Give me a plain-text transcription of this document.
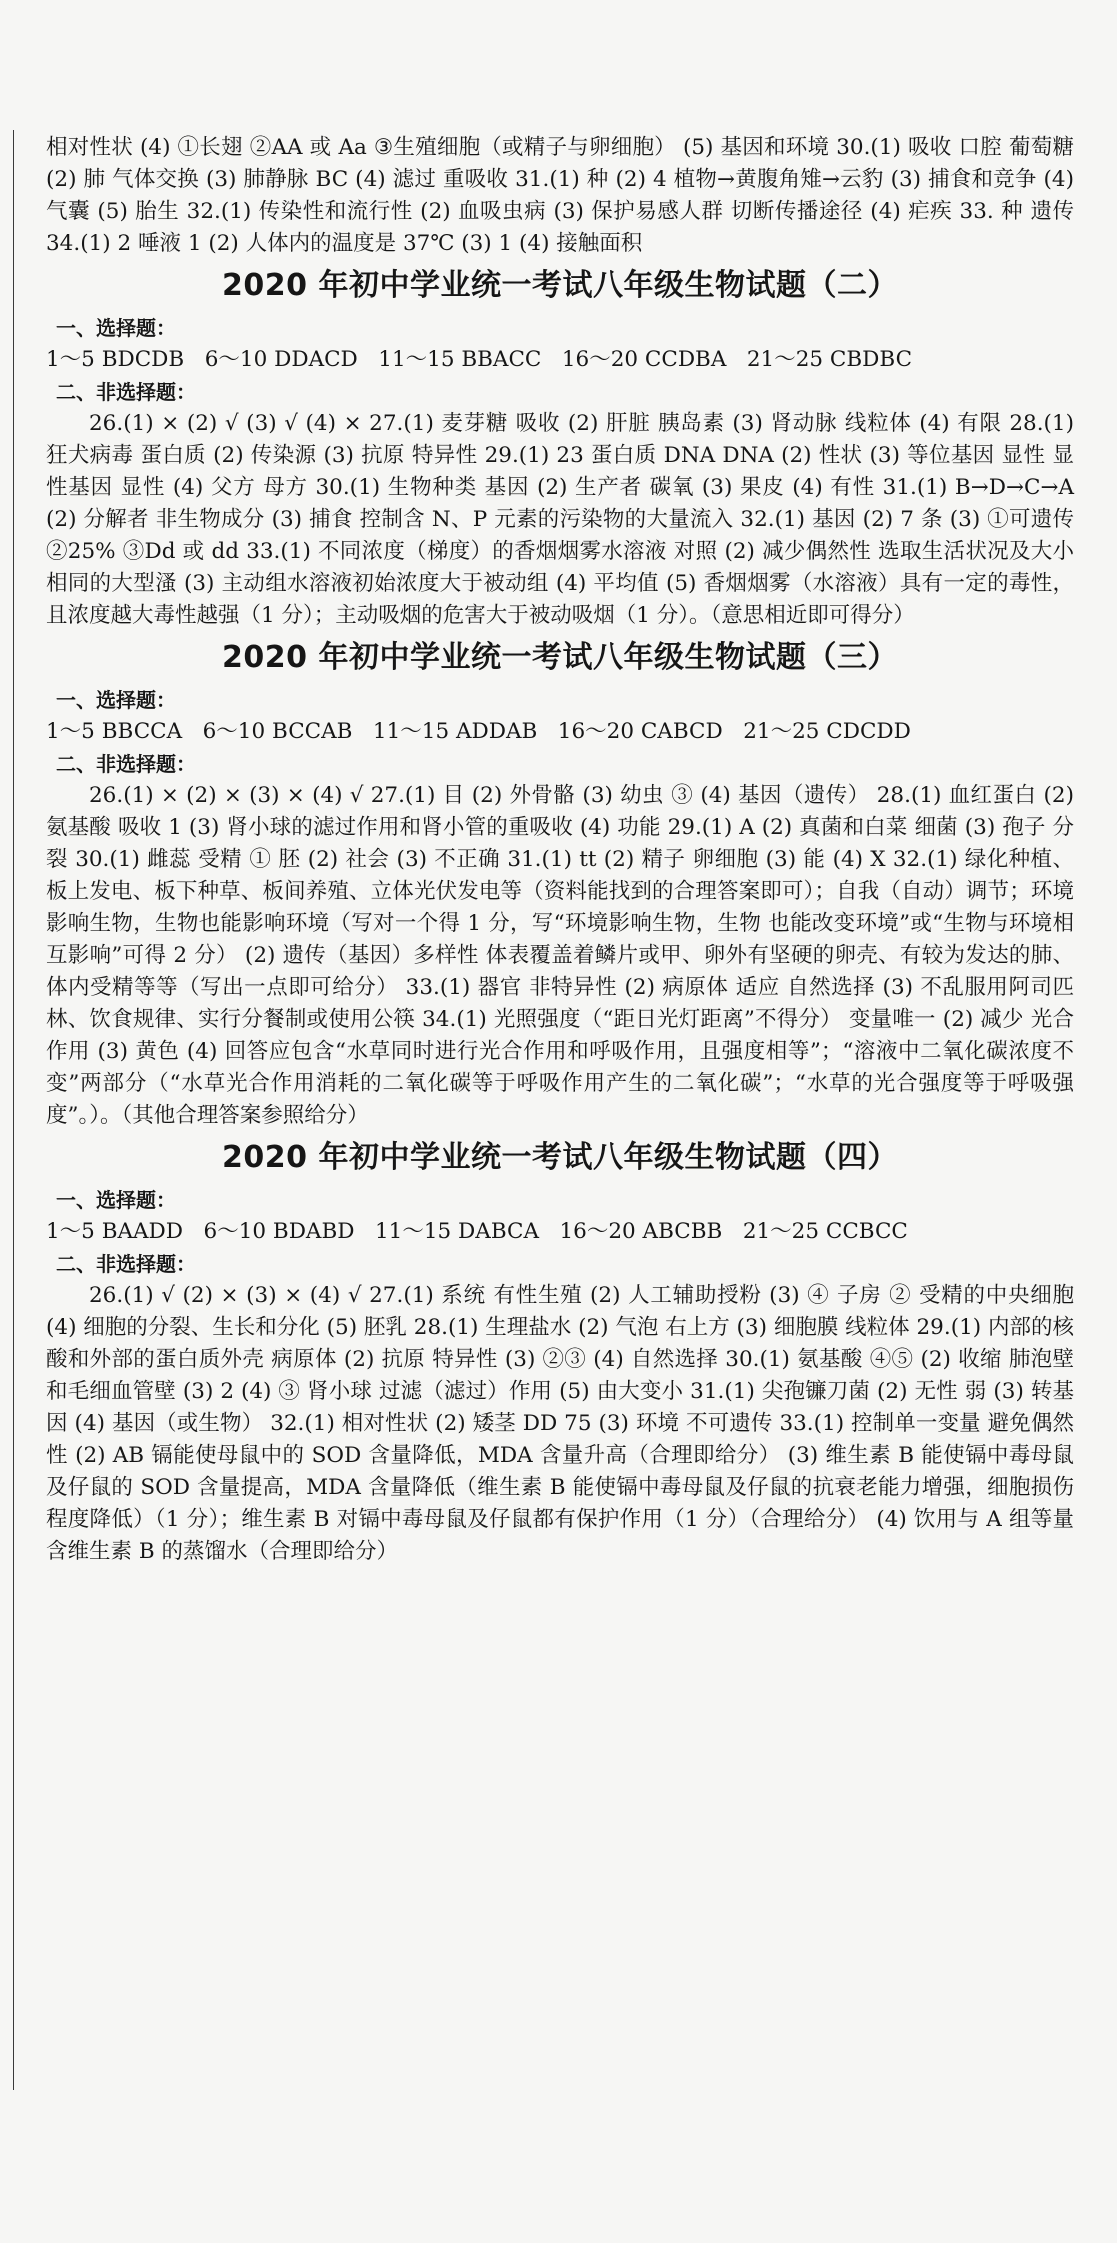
相对性状 (4) ①长翅 ②AA 或 Aa ③生殖细胞（或精子与卵细胞） (5) 基因和环境 30.(1) 吸收 口腔 葡萄糖 (2) 肺 气体交换 (3) 肺静脉 BC (4) 滤过 重吸收 31.(1) 种 (2) 4 植物→黄腹角雉→云豹 (3) 捕食和竞争 (4) 气囊 (5) 胎生 32.(1) 传染性和流行性 (2) 血吸虫病 (3) 保护易感人群 切断传播途径 (4) 疟疾 33. 种 遗传 34.(1) 2 唾液 1 (2) 人体内的温度是 37℃ (3) 1 (4) 接触面积

2020 年初中学业统一考试八年级生物试题（二）
一、选择题：
1～5 BDCDB   6～10 DDACD   11～15 BBACC   16～20 CCDBA   21～25 CBDBC
二、非选择题：

26.(1) × (2) √ (3) √ (4) × 27.(1) 麦芽糖 吸收 (2) 肝脏 胰岛素 (3) 肾动脉 线粒体 (4) 有限 28.(1) 狂犬病毒 蛋白质 (2) 传染源 (3) 抗原 特异性 29.(1) 23 蛋白质 DNA DNA (2) 性状 (3) 等位基因 显性 显性基因 显性 (4) 父方 母方 30.(1) 生物种类 基因 (2) 生产者 碳氧 (3) 果皮 (4) 有性 31.(1) B→D→C→A (2) 分解者 非生物成分 (3) 捕食 控制含 N、P 元素的污染物的大量流入 32.(1) 基因 (2) 7 条 (3) ①可遗传 ②25% ③Dd 或 dd 33.(1) 不同浓度（梯度）的香烟烟雾水溶液 对照 (2) 减少偶然性 选取生活状况及大小相同的大型溞 (3) 主动组水溶液初始浓度大于被动组 (4) 平均值 (5) 香烟烟雾（水溶液）具有一定的毒性，且浓度越大毒性越强（1 分）；主动吸烟的危害大于被动吸烟（1 分）。（意思相近即可得分）

2020 年初中学业统一考试八年级生物试题（三）
一、选择题：
1～5 BBCCA   6～10 BCCAB   11～15 ADDAB   16～20 CABCD   21～25 CDCDD
二、非选择题：

26.(1) × (2) × (3) × (4) √ 27.(1) 目 (2) 外骨骼 (3) 幼虫 ③ (4) 基因（遗传） 28.(1) 血红蛋白 (2) 氨基酸 吸收 1 (3) 肾小球的滤过作用和肾小管的重吸收 (4) 功能 29.(1) A (2) 真菌和白菜 细菌 (3) 孢子 分裂 30.(1) 雌蕊 受精 ① 胚 (2) 社会 (3) 不正确 31.(1) tt (2) 精子 卵细胞 (3) 能 (4) X 32.(1) 绿化种植、板上发电、板下种草、板间养殖、立体光伏发电等（资料能找到的合理答案即可）；自我（自动）调节；环境影响生物，生物也能影响环境（写对一个得 1 分，写“环境影响生物，生物 也能改变环境”或“生物与环境相互影响”可得 2 分） (2) 遗传（基因）多样性 体表覆盖着鳞片或甲、卵外有坚硬的卵壳、有较为发达的肺、体内受精等等（写出一点即可给分） 33.(1) 器官 非特异性 (2) 病原体 适应 自然选择 (3) 不乱服用阿司匹林、饮食规律、实行分餐制或使用公筷 34.(1) 光照强度（“距日光灯距离”不得分） 变量唯一 (2) 减少 光合作用 (3) 黄色 (4) 回答应包含“水草同时进行光合作用和呼吸作用，且强度相等”；“溶液中二氧化碳浓度不变”两部分（“水草光合作用消耗的二氧化碳等于呼吸作用产生的二氧化碳”；“水草的光合强度等于呼吸强度”。）。（其他合理答案参照给分）

2020 年初中学业统一考试八年级生物试题（四）
一、选择题：
1～5 BAADD   6～10 BDABD   11～15 DABCA   16～20 ABCBB   21～25 CCBCC
二、非选择题：

26.(1) √ (2) × (3) × (4) √ 27.(1) 系统 有性生殖 (2) 人工辅助授粉 (3) ④ 子房 ② 受精的中央细胞 (4) 细胞的分裂、生长和分化 (5) 胚乳 28.(1) 生理盐水 (2) 气泡 右上方 (3) 细胞膜 线粒体 29.(1) 内部的核酸和外部的蛋白质外壳 病原体 (2) 抗原 特异性 (3) ②③ (4) 自然选择 30.(1) 氨基酸 ④⑤ (2) 收缩 肺泡壁和毛细血管壁 (3) 2 (4) ③ 肾小球 过滤（滤过）作用 (5) 由大变小 31.(1) 尖孢镰刀菌 (2) 无性 弱 (3) 转基因 (4) 基因（或生物） 32.(1) 相对性状 (2) 矮茎 DD 75 (3) 环境 不可遗传 33.(1) 控制单一变量 避免偶然性 (2) AB 镉能使母鼠中的 SOD 含量降低，MDA 含量升高（合理即给分） (3) 维生素 B 能使镉中毒母鼠及仔鼠的 SOD 含量提高，MDA 含量降低（维生素 B 能使镉中毒母鼠及仔鼠的抗衰老能力增强，细胞损伤程度降低）（1 分）；维生素 B 对镉中毒母鼠及仔鼠都有保护作用（1 分）（合理给分） (4) 饮用与 A 组等量含维生素 B 的蒸馏水（合理即给分）
